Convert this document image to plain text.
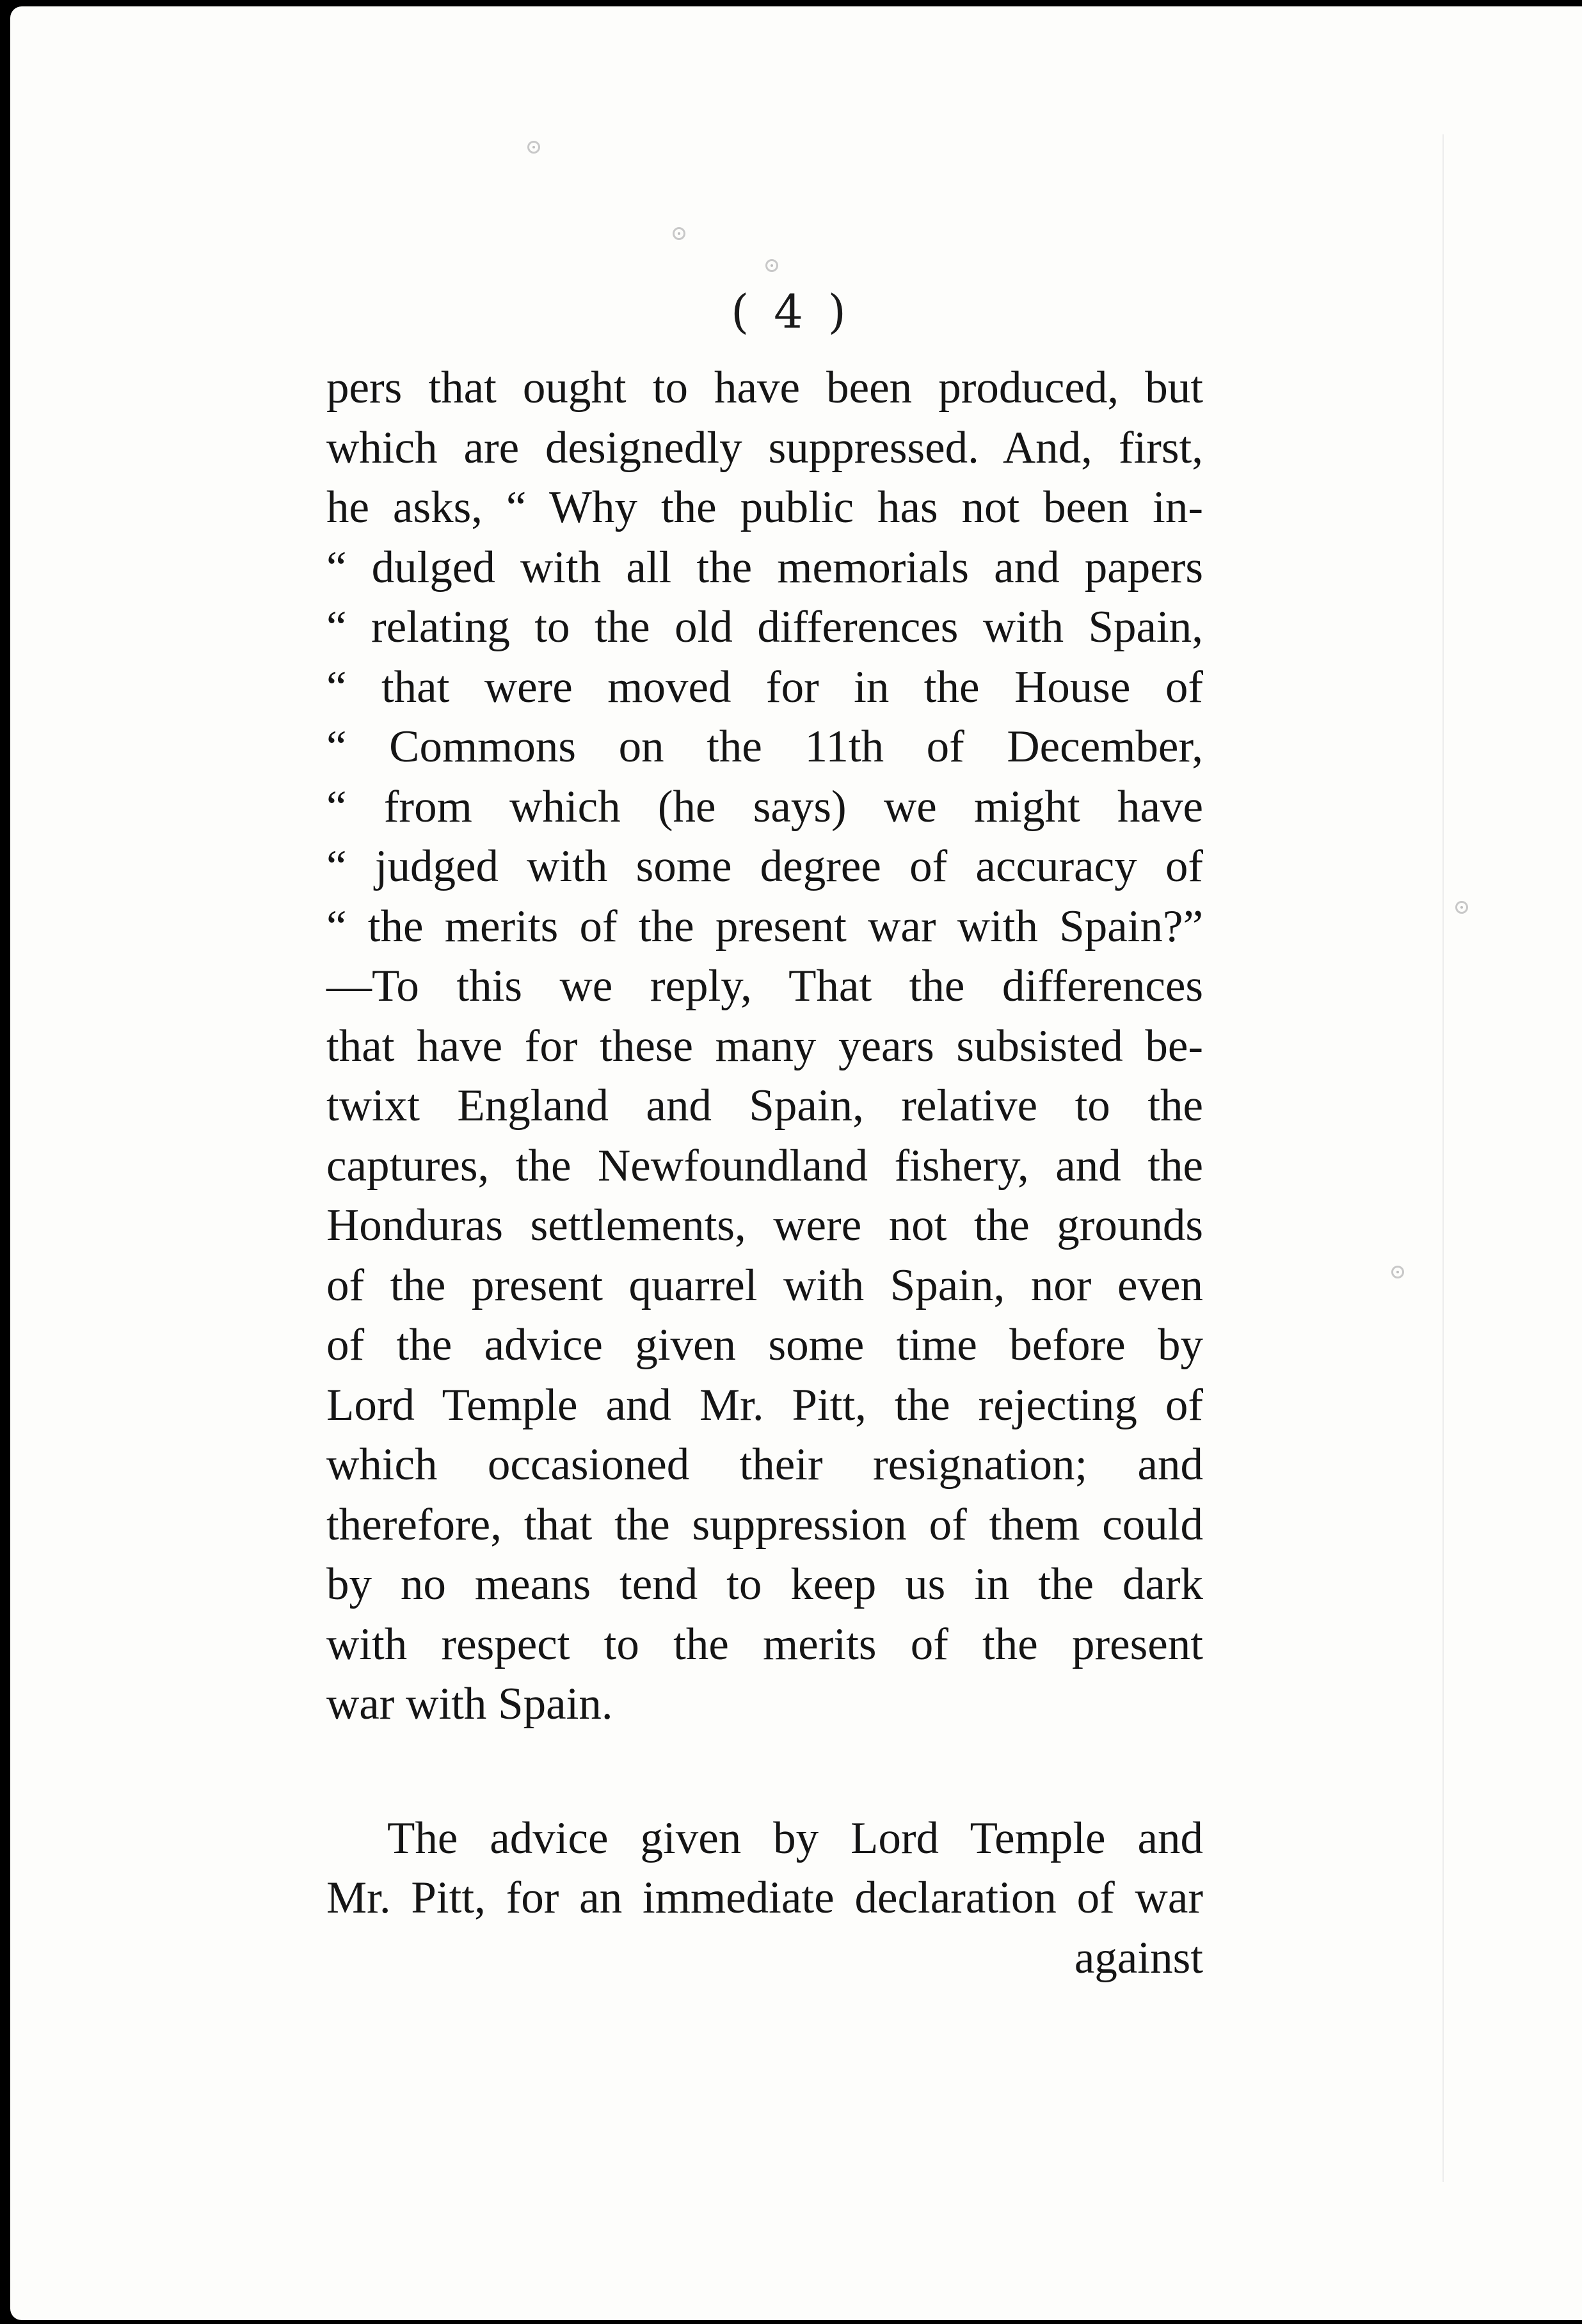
( 4 )
pers that ought to have been produced, but
which are designedly suppressed. And, first,
he asks, “ Why the public has not been in-
“ dulged with all the memorials and papers
“ relating to the old differences with Spain,
“ that were moved for in the House of
“ Commons on the 11th of December,
“ from which (he says) we might have
“ judged with some degree of accuracy of
“ the merits of the present war with Spain?”
—To this we reply, That the differences
that have for these many years subsisted be-
twixt England and Spain, relative to the
captures, the Newfoundland fishery, and the
Honduras settlements, were not the grounds
of the present quarrel with Spain, nor even
of the advice given some time before by
Lord Temple and Mr. Pitt, the rejecting of
which occasioned their resignation; and
therefore, that the suppression of them could
by no means tend to keep us in the dark
with respect to the merits of the present
war with Spain.
The advice given by Lord Temple and
Mr. Pitt, for an immediate declaration of war
against
